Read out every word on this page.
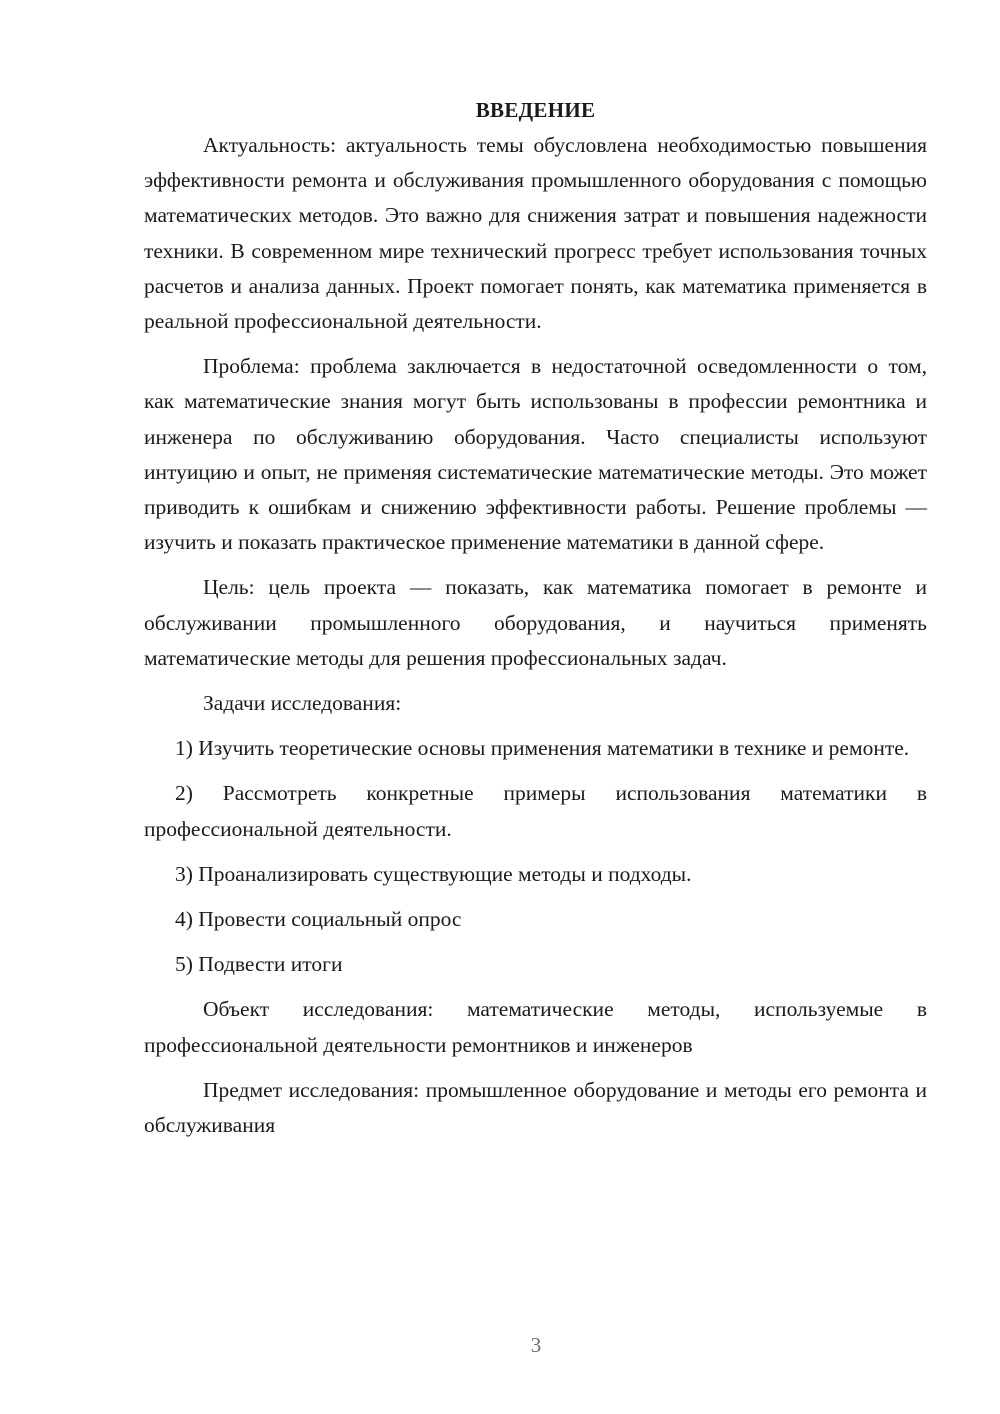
ВВЕДЕНИЕ

Актуальность: актуальность темы обусловлена необходимостью повышения эффективности ремонта и обслуживания промышленного оборудования с помощью математических методов. Это важно для снижения затрат и повышения надежности техники. В современном мире технический прогресс требует использования точных расчетов и анализа данных. Проект помогает понять, как математика применяется в реальной профессиональной деятельности.

Проблема: проблема заключается в недостаточной осведомленности о том, как математические знания могут быть использованы в профессии ремонтника и инженера по обслуживанию оборудования. Часто специалисты используют интуицию и опыт, не применяя систематические математические методы. Это может приводить к ошибкам и снижению эффективности работы. Решение проблемы — изучить и показать практическое применение математики в данной сфере.

Цель: цель проекта — показать, как математика помогает в ремонте и обслуживании промышленного оборудования, и научиться применять математические методы для решения профессиональных задач.

Задачи исследования:

1) Изучить теоретические основы применения математики в технике и ремонте.

2) Рассмотреть конкретные примеры использования математики в профессиональной деятельности.

3) Проанализировать существующие методы и подходы.

4) Провести социальный опрос

5) Подвести итоги

Объект исследования: математические методы, используемые в профессиональной деятельности ремонтников и инженеров

Предмет исследования: промышленное оборудование и методы его ремонта и обслуживания

3
